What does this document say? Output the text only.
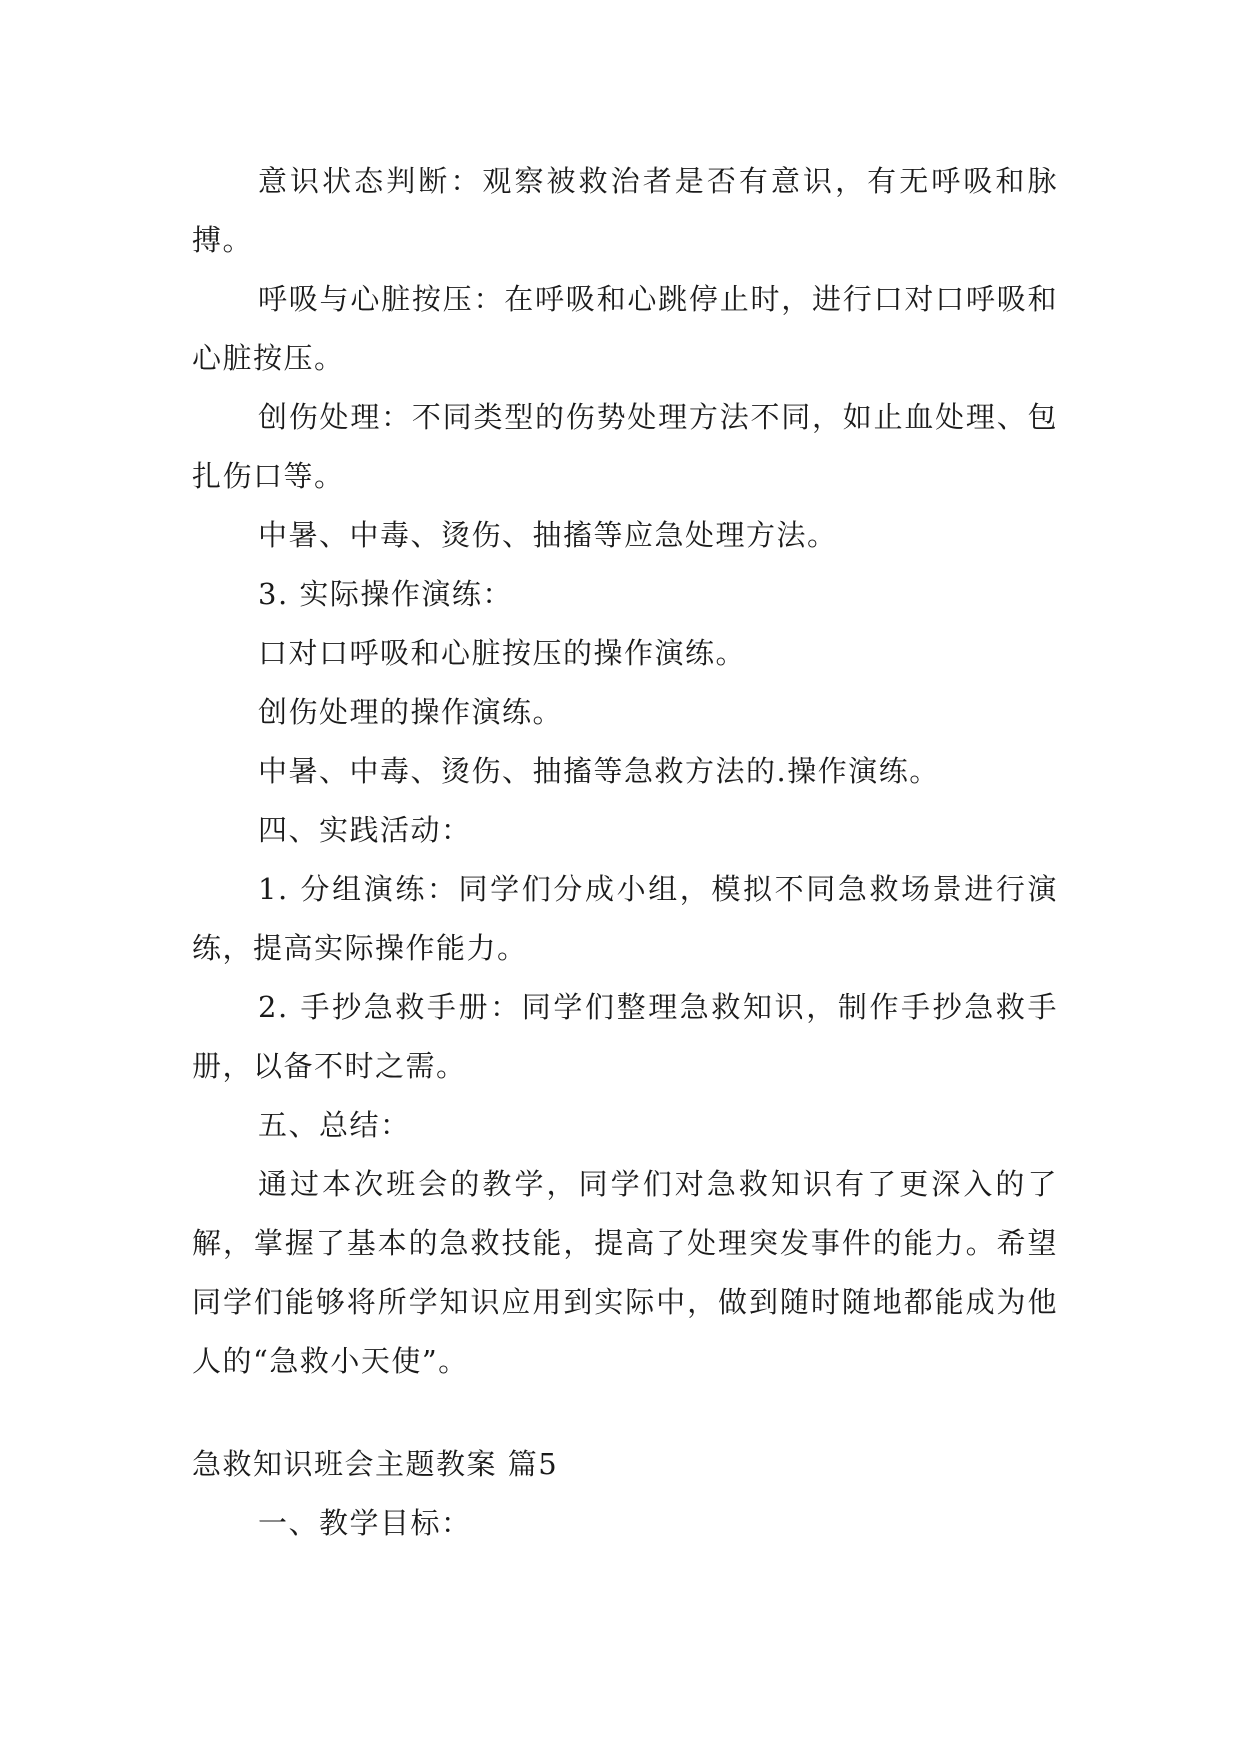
意识状态判断：观察被救治者是否有意识，有无呼吸和脉搏。

呼吸与心脏按压：在呼吸和心跳停止时，进行口对口呼吸和心脏按压。

创伤处理：不同类型的伤势处理方法不同，如止血处理、包扎伤口等。

中暑、中毒、烫伤、抽搐等应急处理方法。

3. 实际操作演练：

口对口呼吸和心脏按压的操作演练。

创伤处理的操作演练。

中暑、中毒、烫伤、抽搐等急救方法的.操作演练。

四、实践活动：

1. 分组演练：同学们分成小组，模拟不同急救场景进行演练，提高实际操作能力。

2. 手抄急救手册：同学们整理急救知识，制作手抄急救手册，以备不时之需。

五、总结：

通过本次班会的教学，同学们对急救知识有了更深入的了解，掌握了基本的急救技能，提高了处理突发事件的能力。希望同学们能够将所学知识应用到实际中，做到随时随地都能成为他人的“急救小天使”。

急救知识班会主题教案 篇5

一、教学目标：
